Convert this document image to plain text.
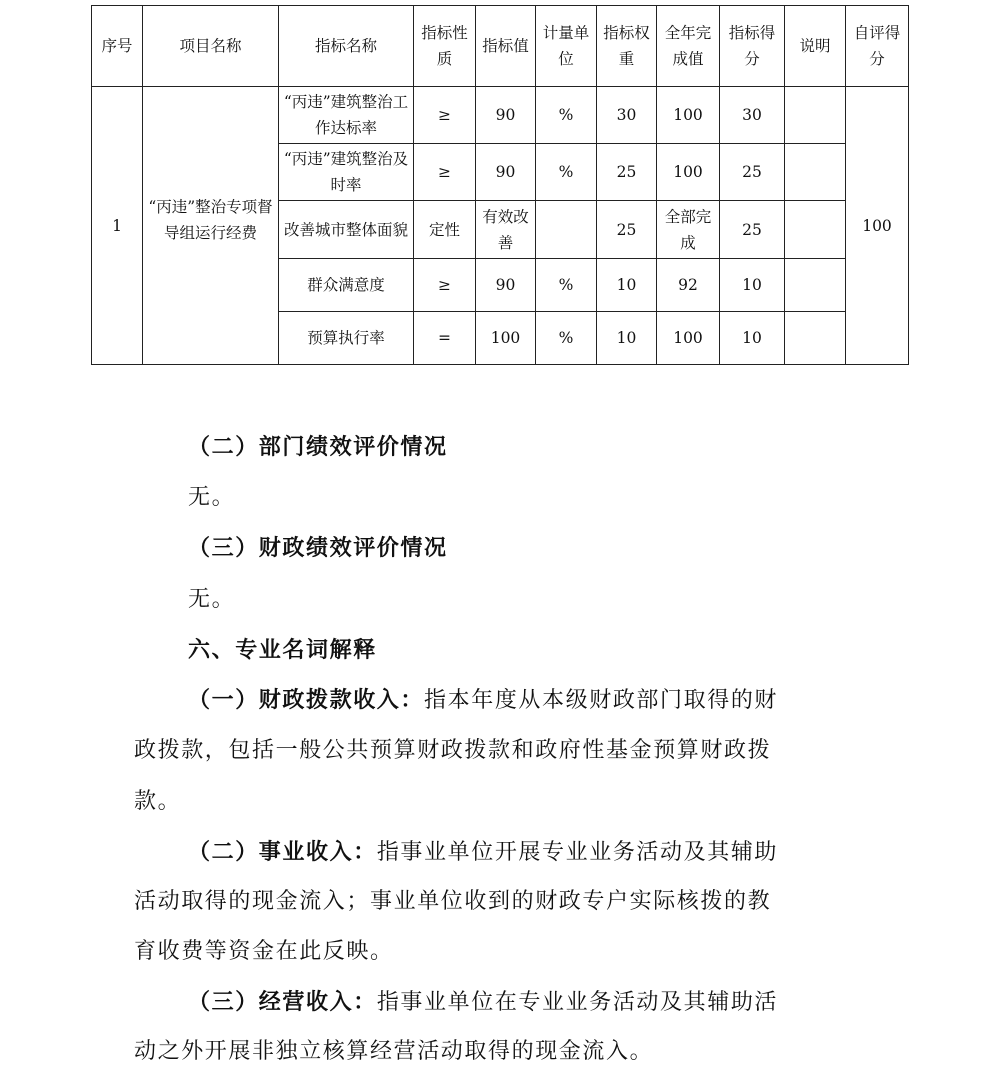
序号	项目名称	指标名称	指标性质	指标值	计量单位	指标权重	全年完成值	指标得分	说明	自评得分
1	“丙违”整治专项督导组运行经费	“丙违”建筑整治工作达标率	≥	90	%	30	100	30		100
		“丙违”建筑整治及时率	≥	90	%	25	100	25		
		改善城市整体面貌	定性	有效改善		25	全部完成	25		
		群众满意度	≥	90	%	10	92	10		
		预算执行率	=	100	%	10	100	10		
（二）部门绩效评价情况
无。
（三）财政绩效评价情况
无。
六、专业名词解释
（一）财政拨款收入：指本年度从本级财政部门取得的财
政拨款，包括一般公共预算财政拨款和政府性基金预算财政拨
款。
（二）事业收入：指事业单位开展专业业务活动及其辅助
活动取得的现金流入；事业单位收到的财政专户实际核拨的教
育收费等资金在此反映。
（三）经营收入：指事业单位在专业业务活动及其辅助活
动之外开展非独立核算经营活动取得的现金流入。
